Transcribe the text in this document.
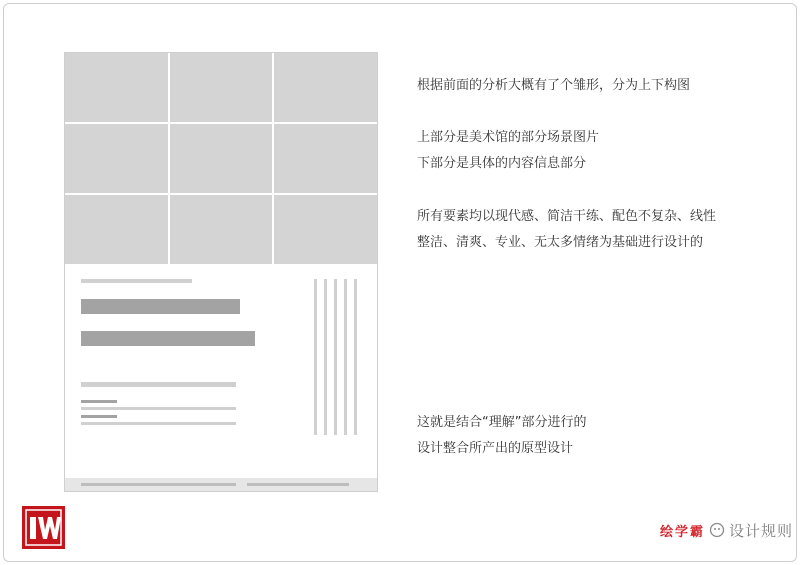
根据前面的分析大概有了个雏形，分为上下构图
上部分是美术馆的部分场景图片
下部分是具体的内容信息部分
所有要素均以现代感、简洁干练、配色不复杂、线性
整洁、清爽、专业、无太多情绪为基础进行设计的
这就是结合“理解”部分进行的
设计整合所产出的原型设计
绘学霸 设计规则
